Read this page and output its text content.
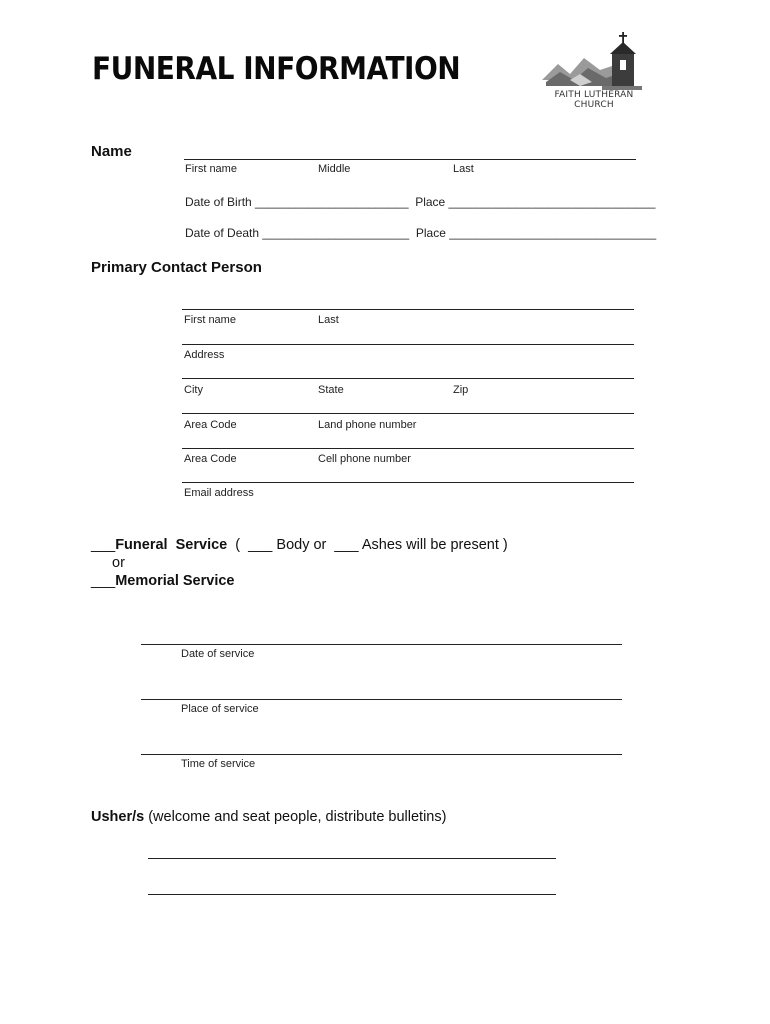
FUNERAL INFORMATION
FAITH LUTHERAN CHURCH
Name
First name	Middle	Last
Date of Birth _______________________  Place _______________________________
Date of Death ______________________  Place _______________________________
Primary Contact Person
First name	Last
Address
City	State	Zip
Area Code	Land phone number
Area Code	Cell phone number
Email address
___Funeral  Service  (  ___ Body or  ___ Ashes will be present )
or
___Memorial Service
Date of service
Place of service
Time of service
Usher/s (welcome and seat people, distribute bulletins)
